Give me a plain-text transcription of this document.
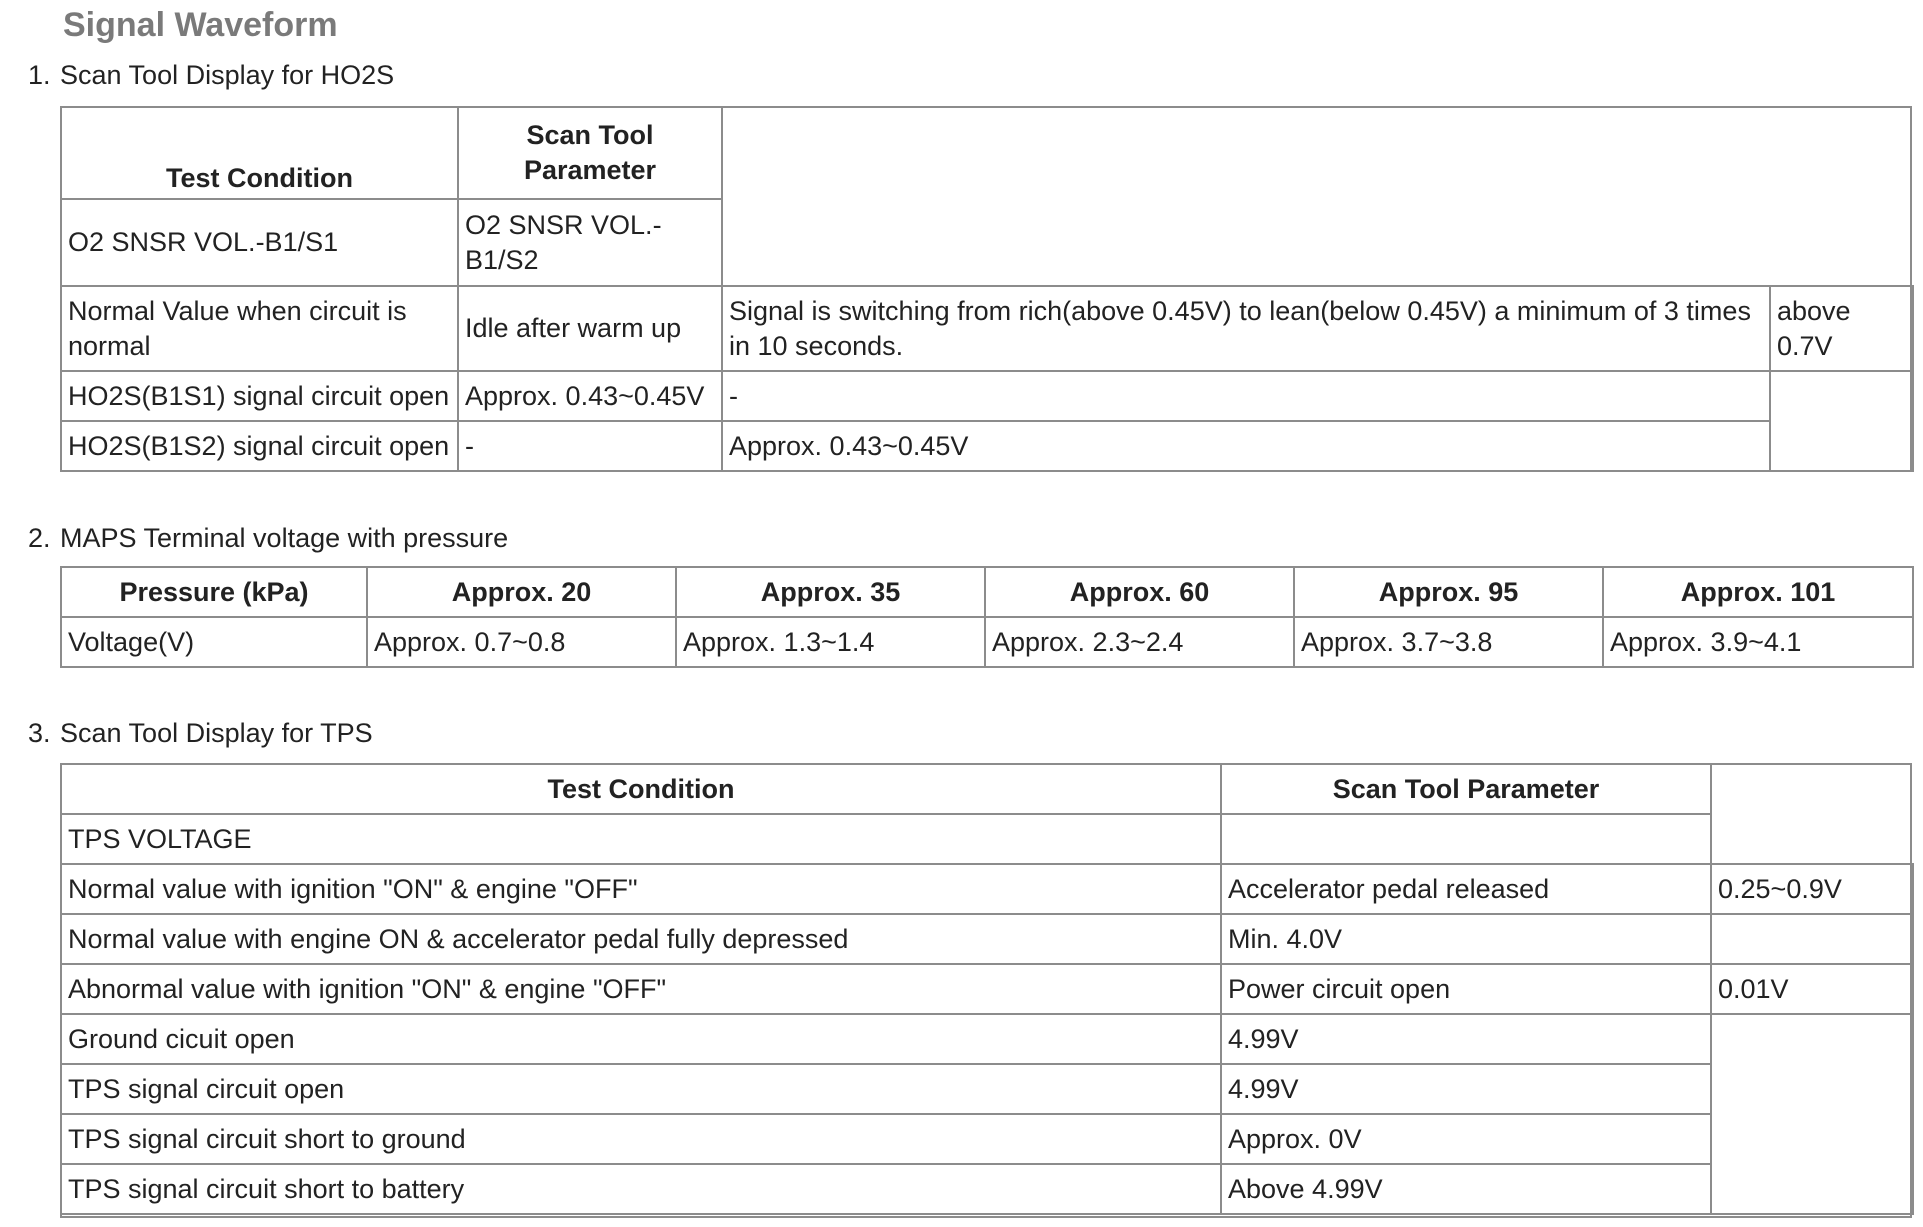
Signal Waveform
1. Scan Tool Display for HO2S
Test Condition	Scan Tool Parameter		
O2 SNSR VOL.-B1/S1	O2 SNSR VOL.-B1/S2		
Normal Value when circuit is normal	Idle after warm up	Signal is switching from rich(above 0.45V) to lean(below 0.45V) a minimum of 3 times in 10 seconds.	above 0.7V
HO2S(B1S1) signal circuit open	Approx. 0.43~0.45V	-	
HO2S(B1S2) signal circuit open	-	Approx. 0.43~0.45V	
2. MAPS Terminal voltage with pressure
Pressure (kPa)	Approx. 20	Approx. 35	Approx. 60	Approx. 95	Approx. 101
Voltage(V)	Approx. 0.7~0.8	Approx. 1.3~1.4	Approx. 2.3~2.4	Approx. 3.7~3.8	Approx. 3.9~4.1
3. Scan Tool Display for TPS
Test Condition	Scan Tool Parameter	
TPS VOLTAGE		
Normal value with ignition "ON" & engine "OFF"	Accelerator pedal released	0.25~0.9V
Normal value with engine ON & accelerator pedal fully depressed	Min. 4.0V	
Abnormal value with ignition "ON" & engine "OFF"	Power circuit open	0.01V
Ground cicuit open	4.99V	
TPS signal circuit open	4.99V	
TPS signal circuit short to ground	Approx. 0V	
TPS signal circuit short to battery	Above 4.99V	
